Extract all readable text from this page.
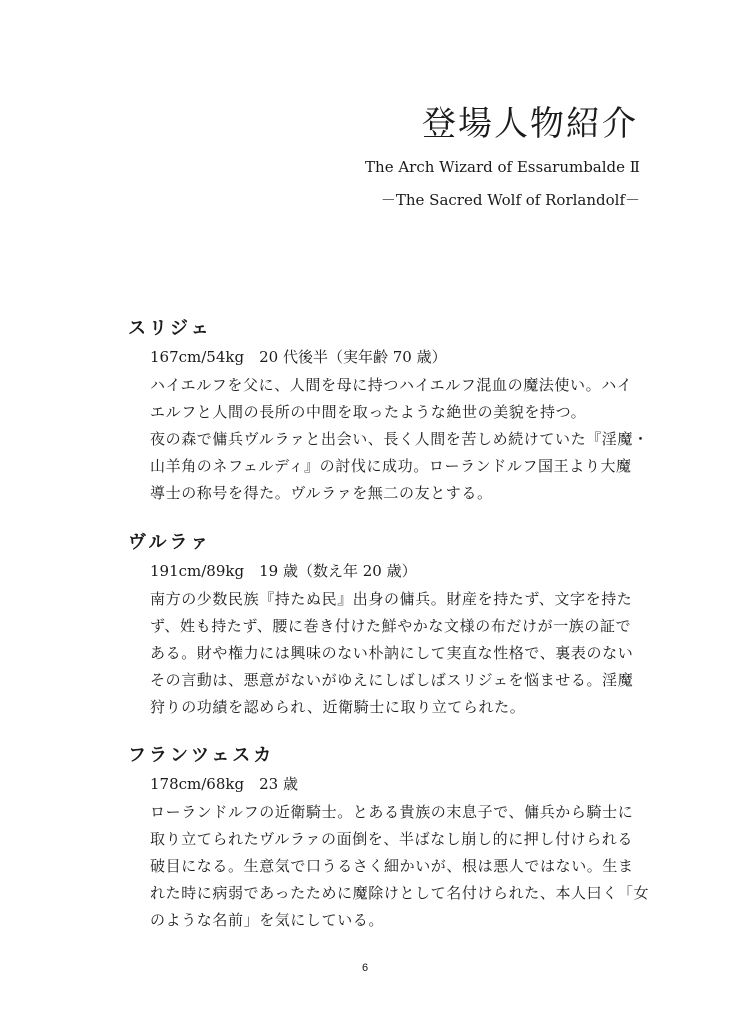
登場人物紹介
The Arch Wizard of Essarumbalde Ⅱ
－The Sacred Wolf of Rorlandolf－
スリジェ
167cm/54kg　20 代後半（実年齢 70 歳）
ハイエルフを父に、人間を母に持つハイエルフ混血の魔法使い。ハイ
エルフと人間の長所の中間を取ったような絶世の美貌を持つ。
夜の森で傭兵ヴルラァと出会い、長く人間を苦しめ続けていた『淫魔・
山羊角のネフェルディ』の討伐に成功。ローランドルフ国王より大魔
導士の称号を得た。ヴルラァを無二の友とする。
ヴルラァ
191cm/89kg　19 歳（数え年 20 歳）
南方の少数民族『持たぬ民』出身の傭兵。財産を持たず、文字を持た
ず、姓も持たず、腰に巻き付けた鮮やかな文様の布だけが一族の証で
ある。財や権力には興味のない朴訥にして実直な性格で、裏表のない
その言動は、悪意がないがゆえにしばしばスリジェを悩ませる。淫魔
狩りの功績を認められ、近衛騎士に取り立てられた。
フランツェスカ
178cm/68kg　23 歳
ローランドルフの近衛騎士。とある貴族の末息子で、傭兵から騎士に
取り立てられたヴルラァの面倒を、半ばなし崩し的に押し付けられる
破目になる。生意気で口うるさく細かいが、根は悪人ではない。生ま
れた時に病弱であったために魔除けとして名付けられた、本人曰く「女
のような名前」を気にしている。
6
